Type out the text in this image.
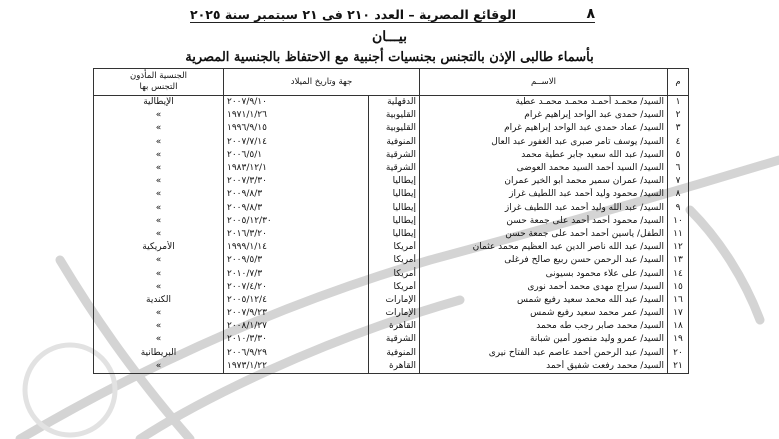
٨
الوقائع المصرية – العدد ٢١٠ فى ٢١ سبتمبر سنة ٢٠٢٥
بيـــان
بأسماء طالبى الإذن بالتجنس بجنسيات أجنبية مع الاحتفاظ بالجنسية المصرية
م	الاســم	جهة وتاريخ الميلاد		الجنسية المأذون
التجنس بها

١	السيد/ محمـد أحمـد محمـد محمـد عطية	الدقهلية	٢٠٠٧/٩/١٠	الإيطالية
٢	السيد/ حمدى عبد الواحد إبراهيم غرام	القليوبية	١٩٧١/١/٢٦	»
٣	السيد/ عماد حمدى عبد الواحد إبراهيم غرام	القليوبية	١٩٩٦/٩/١٥	»
٤	السيد/ يوسف تامر صبرى عبد الغفور عبد العال	المنوفية	٢٠٠٧/٧/١٤	»
٥	السيد/ عبد الله سعيد جابر عطية محمد	الشرقية	٢٠٠٦/٥/١	»
٦	السيد/ السيد أحمد السيد محمد العوضى	الشرقية	١٩٨٣/١٢/١	»
٧	السيد/ عمران سمير محمد أبو الخير عمران	إيطاليا	٢٠٠٧/٣/٣٠	»
٨	السيد/ محمود وليد أحمد عبد اللطيف غراز	إيطاليا	٢٠٠٩/٨/٣	»
٩	السيد/ عبد الله وليد أحمد عبد اللطيف غراز	إيطاليا	٢٠٠٩/٨/٣	»
١٠	السيد/ محمود أحمد أحمد على جمعة حسن	إيطاليا	٢٠٠٥/١٢/٣٠	»
١١	الطفل/ ياسين أحمد أحمد على جمعة حسن	إيطاليا	٢٠١٦/٣/٢٠	»
١٢	السيد/ عبد الله ناصر الدين عبد العظيم محمد عثمان	أمريكا	١٩٩٩/١/١٤	الأمريكية
١٣	السيد/ عبد الرحمن حسن ربيع صالح فرغلى	أمريكا	٢٠٠٩/٥/٣	»
١٤	السيد/ على علاء محمود بسيونى	أمريكا	٢٠١٠/٧/٣	»
١٥	السيد/ سراج مهدى محمد أحمد نورى	أمريكا	٢٠٠٧/٤/٢٠	»
١٦	السيد/ عبد الله محمد سعيد رفيع شمس	الإمارات	٢٠٠٥/١٢/٤	الكندية
١٧	السيد/ عمر محمد سعيد رفيع شمس	الإمارات	٢٠٠٧/٩/٢٣	»
١٨	السيد/ محمد صابر رجب طه محمد	القاهرة	٢٠٠٨/١/٢٧	»
١٩	السيد/ عمرو وليد منصور أمين شبانة	الشرقية	٢٠١٠/٣/٣٠	»
٢٠	السيد/ عبد الرحمن أحمد عاصم عبد الفتاح نيرى	المنوفية	٢٠٠٦/٩/٢٩	البريطانية
٢١	السيد/ محمد رفعت شفيق أحمد	القاهرة	١٩٧٣/١/٢٢	»
